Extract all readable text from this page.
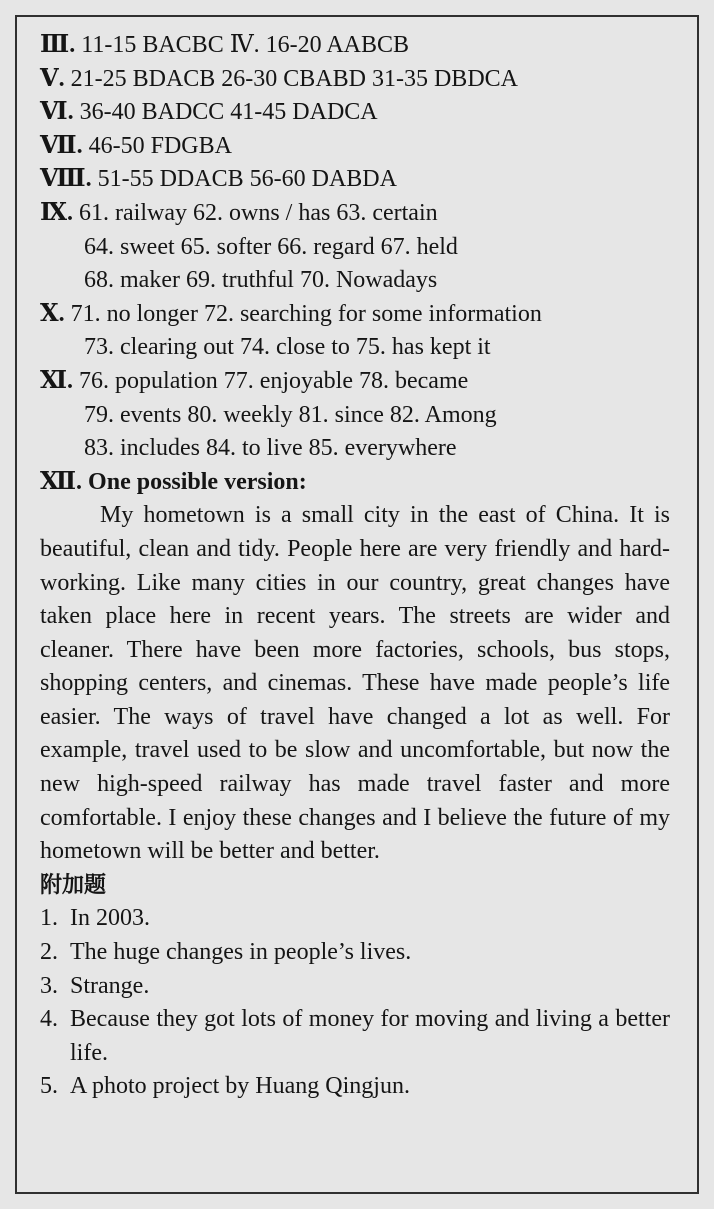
Ⅲ. 11-15 BACBC Ⅳ. 16-20 AABCB
Ⅴ. 21-25 BDACB 26-30 CBABD 31-35 DBDCA
Ⅵ. 36-40 BADCC 41-45 DADCA
Ⅶ. 46-50 FDGBA
Ⅷ. 51-55 DDACB 56-60 DABDA
Ⅸ. 61. railway 62. owns / has 63. certain
64. sweet 65. softer 66. regard 67. held
68. maker 69. truthful 70. Nowadays
Ⅹ. 71. no longer 72. searching for some information
73. clearing out 74. close to 75. has kept it
Ⅺ. 76. population 77. enjoyable 78. became
79. events 80. weekly 81. since 82. Among
83. includes 84. to live 85. everywhere
Ⅻ. One possible version:

My hometown is a small city in the east of China. It is beautiful, clean and tidy. People here are very friendly and hard-working. Like many cities in our country, great changes have taken place here in recent years. The streets are wider and cleaner. There have been more factories, schools, bus stops, shopping centers, and cinemas. These have made people’s life easier. The ways of travel have changed a lot as well. For example, travel used to be slow and uncomfortable, but now the new high-speed railway has made travel faster and more comfortable. I enjoy these changes and I believe the future of my hometown will be better and better.

附加题
1. In 2003.
2. The huge changes in people’s lives.
3. Strange.
4. Because they got lots of money for moving and living a better life.
5. A photo project by Huang Qingjun.
